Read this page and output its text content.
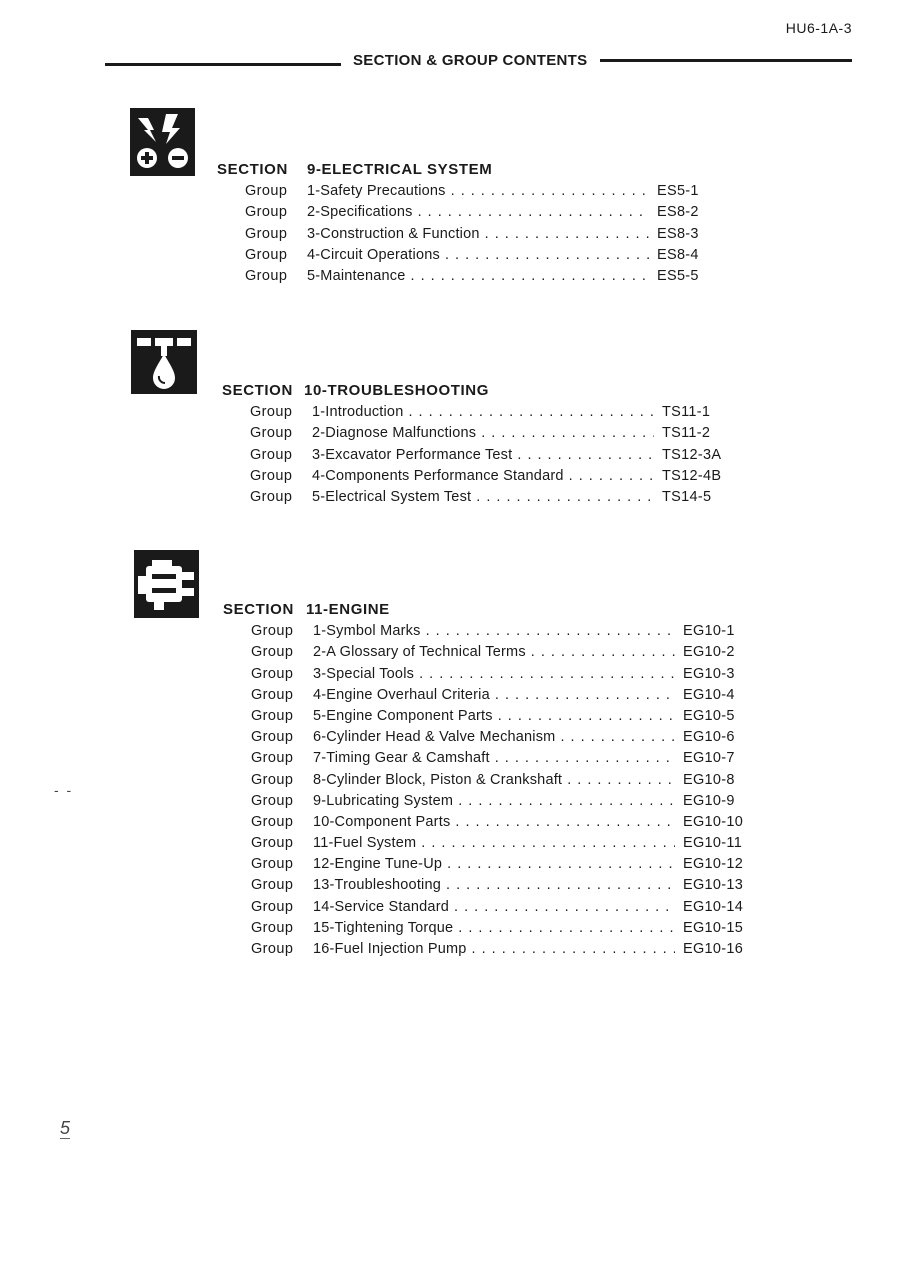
HU6-1A-3
SECTION & GROUP CONTENTS
SECTION	9-ELECTRICAL SYSTEM
Group	1-Safety Precautions . . .	ES5-1
Group	2-Specifications . . .	ES8-2
Group	3-Construction & Function . . .	ES8-3
Group	4-Circuit Operations . . .	ES8-4
Group	5-Maintenance . . .	ES5-5
SECTION 10-TROUBLESHOOTING
Group	1-Introduction . . .	TS11-1
Group	2-Diagnose Malfunctions . . .	TS11-2
Group	3-Excavator Performance Test . . .	TS12-3A
Group	4-Components Performance Standard . . .	TS12-4B
Group	5-Electrical System Test . . .	TS14-5
SECTION 11-ENGINE
Group	1-Symbol Marks . . .	EG10-1
Group	2-A Glossary of Technical Terms . . .	EG10-2
Group	3-Special Tools . . .	EG10-3
Group	4-Engine Overhaul Criteria . . .	EG10-4
Group	5-Engine Component Parts . . .	EG10-5
Group	6-Cylinder Head & Valve Mechanism . . .	EG10-6
Group	7-Timing Gear & Camshaft . . .	EG10-7
Group	8-Cylinder Block, Piston & Crankshaft . . .	EG10-8
Group	9-Lubricating System . . .	EG10-9
Group	10-Component Parts . . .	EG10-10
Group	11-Fuel System . . .	EG10-11
Group	12-Engine Tune-Up . . .	EG10-12
Group	13-Troubleshooting . . .	EG10-13
Group	14-Service Standard . . .	EG10-14
Group	15-Tightening Torque . . .	EG10-15
Group	16-Fuel Injection Pump . . .	EG10-16
- -
5
